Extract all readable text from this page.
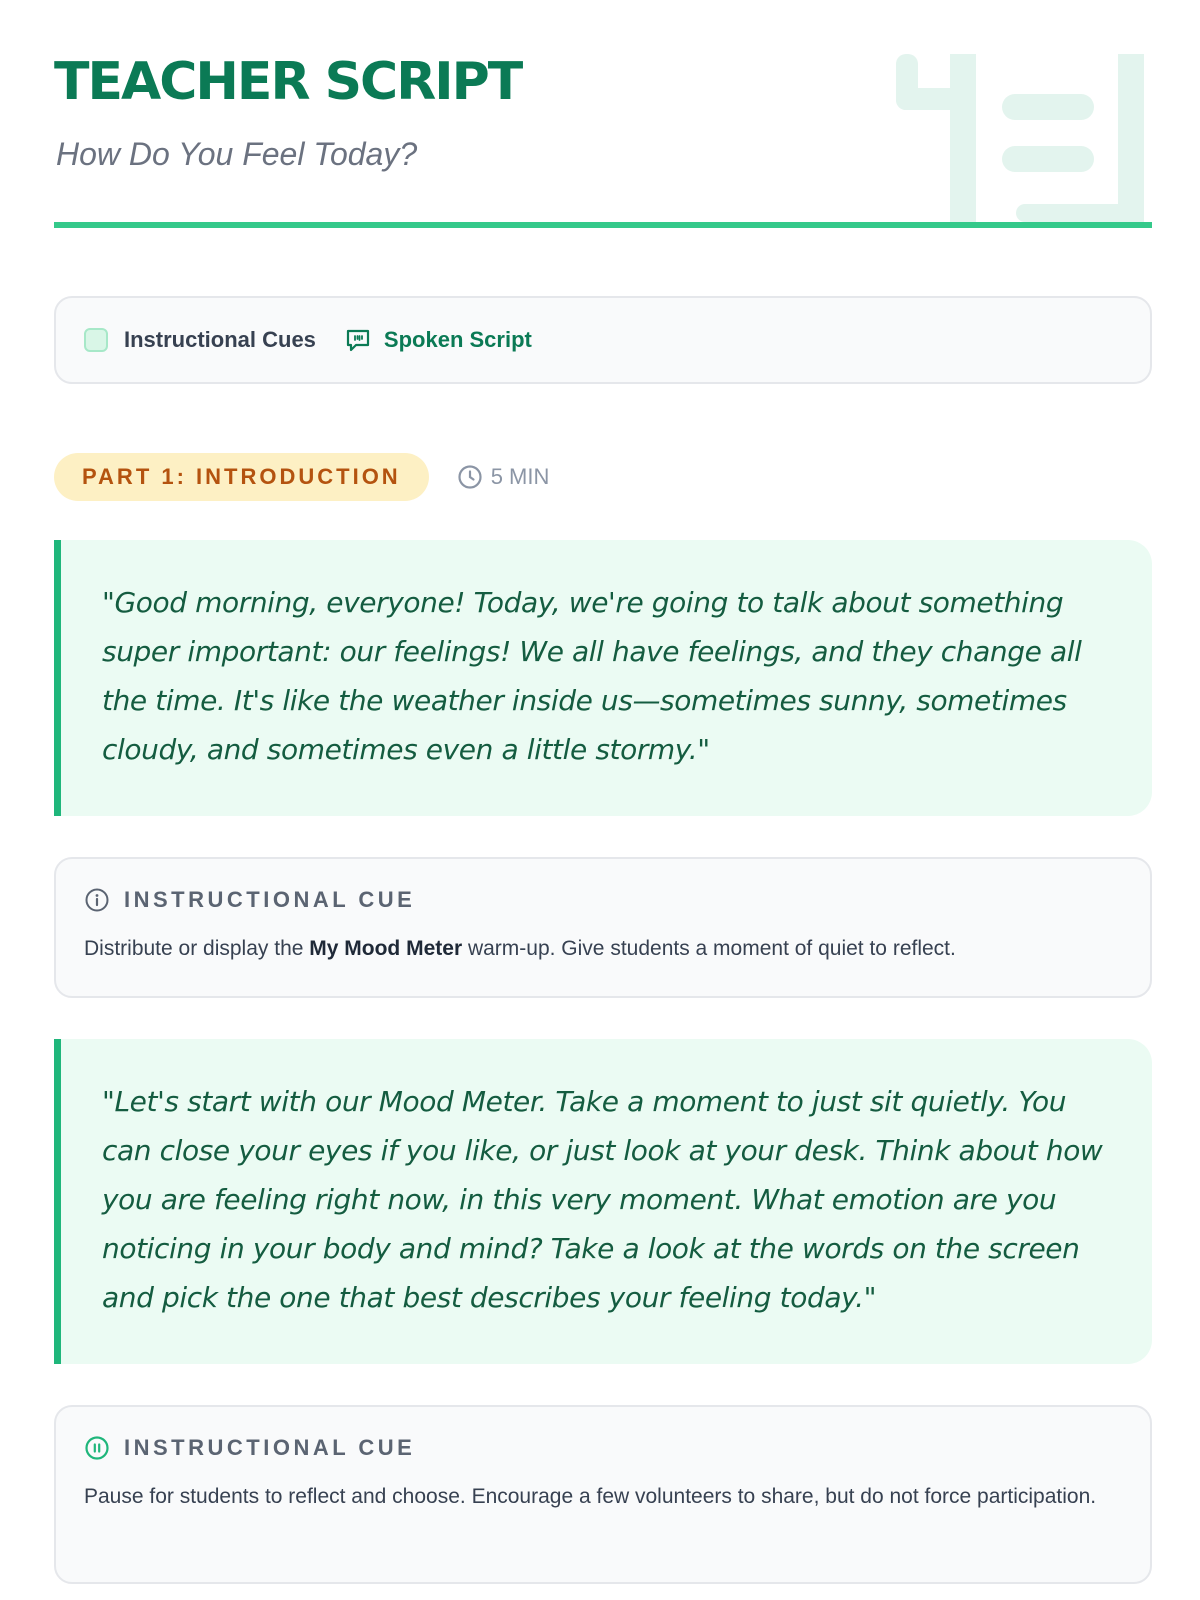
TEACHER SCRIPT
How Do You Feel Today?
Instructional Cues	Spoken Script
PART 1: INTRODUCTION	5 MIN
"Good morning, everyone! Today, we're going to talk about something super important: our feelings! We all have feelings, and they change all the time. It's like the weather inside us—sometimes sunny, sometimes cloudy, and sometimes even a little stormy."
INSTRUCTIONAL CUE
Distribute or display the My Mood Meter warm-up. Give students a moment of quiet to reflect.
"Let's start with our Mood Meter. Take a moment to just sit quietly. You can close your eyes if you like, or just look at your desk. Think about how you are feeling right now, in this very moment. What emotion are you noticing in your body and mind? Take a look at the words on the screen and pick the one that best describes your feeling today."
INSTRUCTIONAL CUE
Pause for students to reflect and choose. Encourage a few volunteers to share, but do not force participation.
